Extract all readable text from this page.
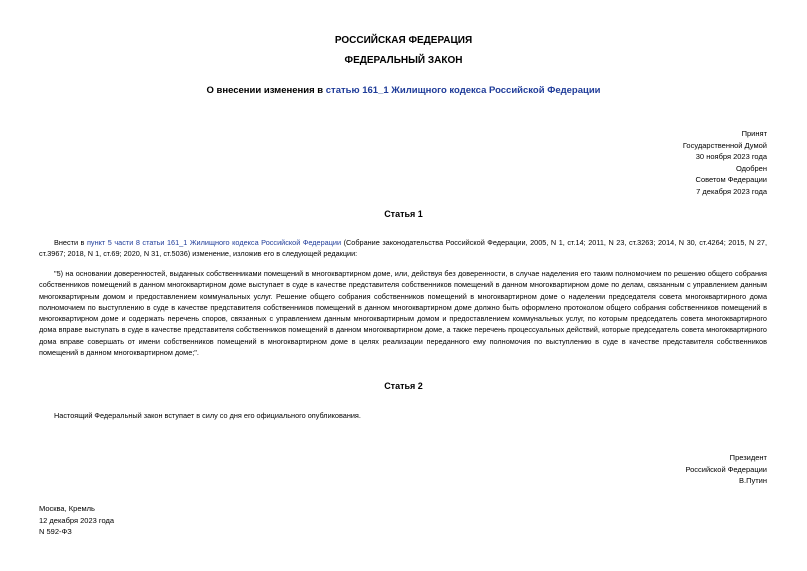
РОССИЙСКАЯ ФЕДЕРАЦИЯ
ФЕДЕРАЛЬНЫЙ ЗАКОН
О внесении изменения в статью 161_1 Жилищного кодекса Российской Федерации
Принят
Государственной Думой
30 ноября 2023 года
Одобрен
Советом Федерации
7 декабря 2023 года
Статья 1
Внести в пункт 5 части 8 статьи 161_1 Жилищного кодекса Российской Федерации (Собрание законодательства Российской Федерации, 2005, N 1, ст.14; 2011, N 23, ст.3263; 2014, N 30, ст.4264; 2015, N 27, ст.3967; 2018, N 1, ст.69; 2020, N 31, ст.5036) изменение, изложив его в следующей редакции:
"5) на основании доверенностей, выданных собственниками помещений в многоквартирном доме, или, действуя без доверенности, в случае наделения его таким полномочием по решению общего собрания собственников помещений в данном многоквартирном доме выступает в суде в качестве представителя собственников помещений в данном многоквартирном доме по делам, связанным с управлением данным многоквартирным домом и предоставлением коммунальных услуг. Решение общего собрания собственников помещений в многоквартирном доме о наделении председателя совета многоквартирного дома полномочием по выступлению в суде в качестве представителя собственников помещений в данном многоквартирном доме должно быть оформлено протоколом общего собрания собственников помещений в многоквартирном доме и содержать перечень споров, связанных с управлением данным многоквартирным домом и предоставлением коммунальных услуг, по которым председатель совета многоквартирного дома вправе выступать в суде в качестве представителя собственников помещений в данном многоквартирном доме, а также перечень процессуальных действий, которые председатель совета многоквартирного дома вправе совершать от имени собственников помещений в многоквартирном доме в целях реализации переданного ему полномочия по выступлению в суде в качестве представителя собственников помещений в данном многоквартирном доме;".
Статья 2
Настоящий Федеральный закон вступает в силу со дня его официального опубликования.
Президент
Российской Федерации
В.Путин
Москва, Кремль
12 декабря 2023 года
N 592-ФЗ
